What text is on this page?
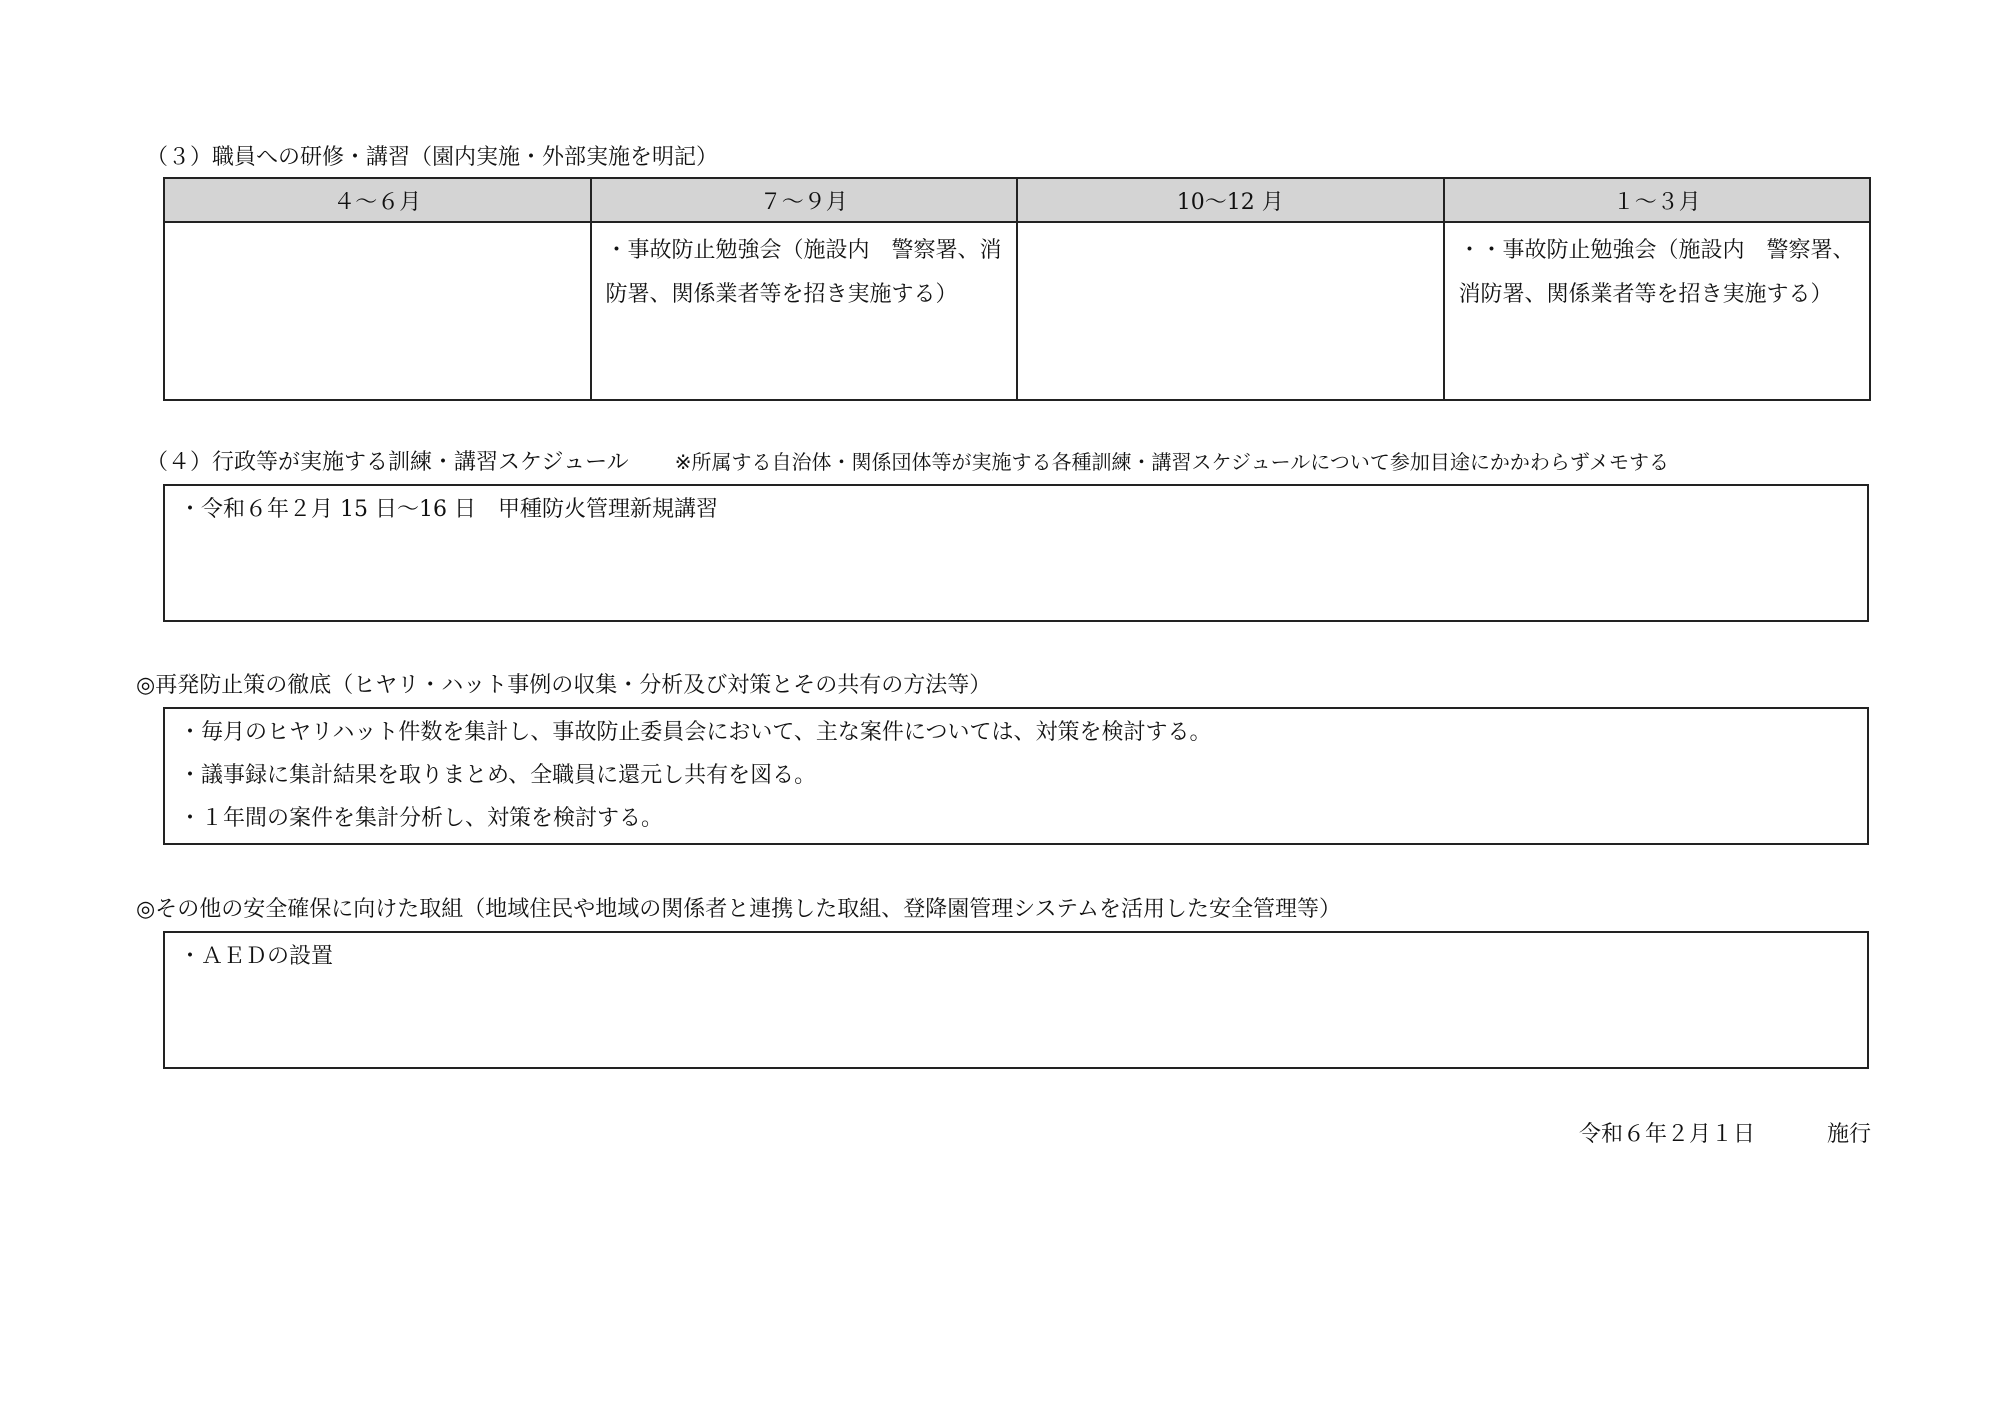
（３）職員への研修・講習（園内実施・外部実施を明記）
４～６月	７～９月	10～12 月	１～３月
	・事故防止勉強会（施設内　警察署、消防署、関係業者等を招き実施する）		・・事故防止勉強会（施設内　警察署、消防署、関係業者等を招き実施する）
（４）行政等が実施する訓練・講習スケジュール ※所属する自治体・関係団体等が実施する各種訓練・講習スケジュールについて参加目途にかかわらずメモする
・令和６年２月 15 日～16 日　甲種防火管理新規講習
◎再発防止策の徹底（ヒヤリ・ハット事例の収集・分析及び対策とその共有の方法等）
・毎月のヒヤリハット件数を集計し、事故防止委員会において、主な案件については、対策を検討する。
・議事録に集計結果を取りまとめ、全職員に還元し共有を図る。
・１年間の案件を集計分析し、対策を検討する。
◎その他の安全確保に向けた取組（地域住民や地域の関係者と連携した取組、登降園管理システムを活用した安全管理等）
・ＡＥＤの設置
令和６年２月１日	施行
